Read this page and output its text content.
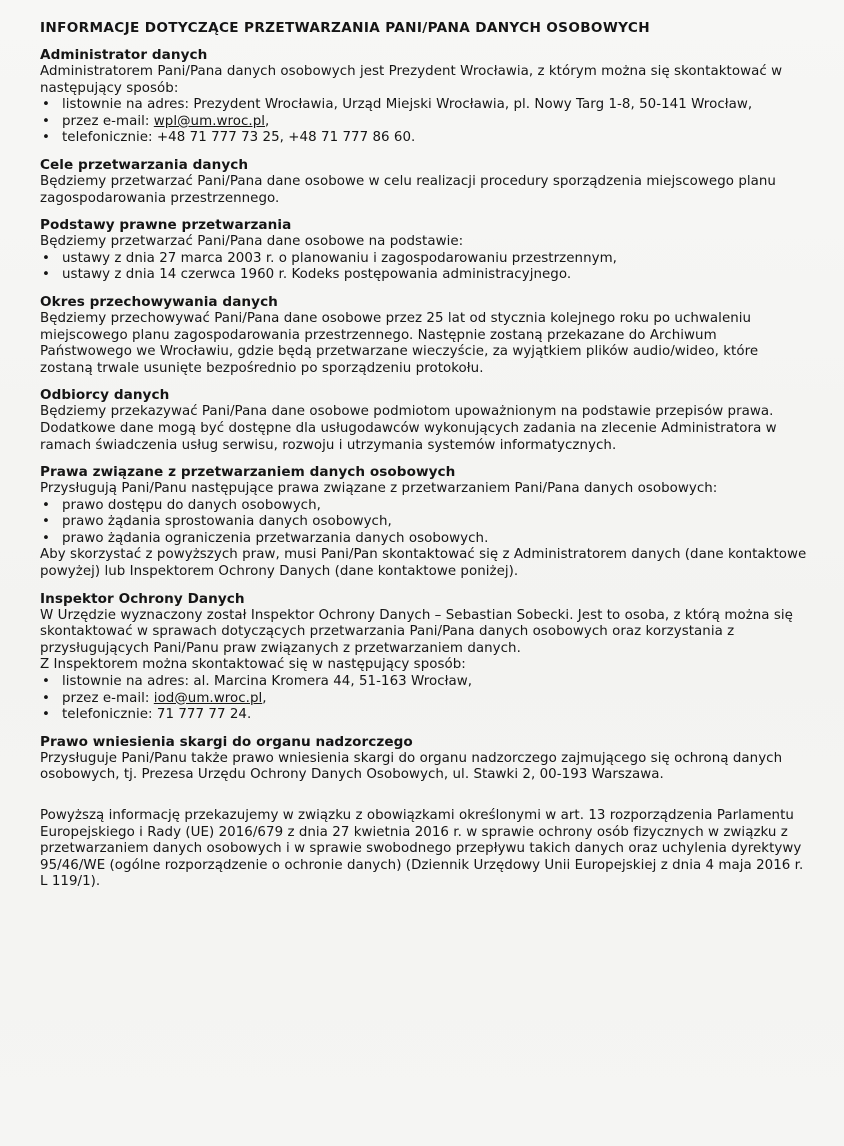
INFORMACJE DOTYCZĄCE PRZETWARZANIA PANI/PANA DANYCH OSOBOWYCH
Administrator danych

Administratorem Pani/Pana danych osobowych jest Prezydent Wrocławia, z którym można się skontaktować w następujący sposób:

• listownie na adres: Prezydent Wrocławia, Urząd Miejski Wrocławia, pl. Nowy Targ 1-8, 50-141 Wrocław,
• przez e-mail: wpl@um.wroc.pl,
• telefonicznie: +48 71 777 73 25, +48 71 777 86 60.
Cele przetwarzania danych

Będziemy przetwarzać Pani/Pana dane osobowe w celu realizacji procedury sporządzenia miejscowego planu zagospodarowania przestrzennego.

Podstawy prawne przetwarzania

Będziemy przetwarzać Pani/Pana dane osobowe na podstawie:

• ustawy z dnia 27 marca 2003 r. o planowaniu i zagospodarowaniu przestrzennym,
• ustawy z dnia 14 czerwca 1960 r. Kodeks postępowania administracyjnego.
Okres przechowywania danych

Będziemy przechowywać Pani/Pana dane osobowe przez 25 lat od stycznia kolejnego roku po uchwaleniu miejscowego planu zagospodarowania przestrzennego. Następnie zostaną przekazane do Archiwum Państwowego we Wrocławiu, gdzie będą przetwarzane wieczyście, za wyjątkiem plików audio/wideo, które zostaną trwale usunięte bezpośrednio po sporządzeniu protokołu.

Odbiorcy danych

Będziemy przekazywać Pani/Pana dane osobowe podmiotom upoważnionym na podstawie przepisów prawa. Dodatkowe dane mogą być dostępne dla usługodawców wykonujących zadania na zlecenie Administratora w ramach świadczenia usług serwisu, rozwoju i utrzymania systemów informatycznych.

Prawa związane z przetwarzaniem danych osobowych

Przysługują Pani/Panu następujące prawa związane z przetwarzaniem Pani/Pana danych osobowych:

• prawo dostępu do danych osobowych,
• prawo żądania sprostowania danych osobowych,
• prawo żądania ograniczenia przetwarzania danych osobowych.

Aby skorzystać z powyższych praw, musi Pani/Pan skontaktować się z Administratorem danych (dane kontaktowe powyżej) lub Inspektorem Ochrony Danych (dane kontaktowe poniżej).

Inspektor Ochrony Danych

W Urzędzie wyznaczony został Inspektor Ochrony Danych – Sebastian Sobecki. Jest to osoba, z którą można się skontaktować w sprawach dotyczących przetwarzania Pani/Pana danych osobowych oraz korzystania z przysługujących Pani/Panu praw związanych z przetwarzaniem danych.

Z Inspektorem można skontaktować się w następujący sposób:

• listownie na adres: al. Marcina Kromera 44, 51-163 Wrocław,
• przez e-mail: iod@um.wroc.pl,
• telefonicznie: 71 777 77 24.
Prawo wniesienia skargi do organu nadzorczego

Przysługuje Pani/Panu także prawo wniesienia skargi do organu nadzorczego zajmującego się ochroną danych osobowych, tj. Prezesa Urzędu Ochrony Danych Osobowych, ul. Stawki 2, 00-193 Warszawa.

Powyższą informację przekazujemy w związku z obowiązkami określonymi w art. 13 rozporządzenia Parlamentu Europejskiego i Rady (UE) 2016/679 z dnia 27 kwietnia 2016 r. w sprawie ochrony osób fizycznych w związku z przetwarzaniem danych osobowych i w sprawie swobodnego przepływu takich danych oraz uchylenia dyrektywy 95/46/WE (ogólne rozporządzenie o ochronie danych) (Dziennik Urzędowy Unii Europejskiej z dnia 4 maja 2016 r. L 119/1).
